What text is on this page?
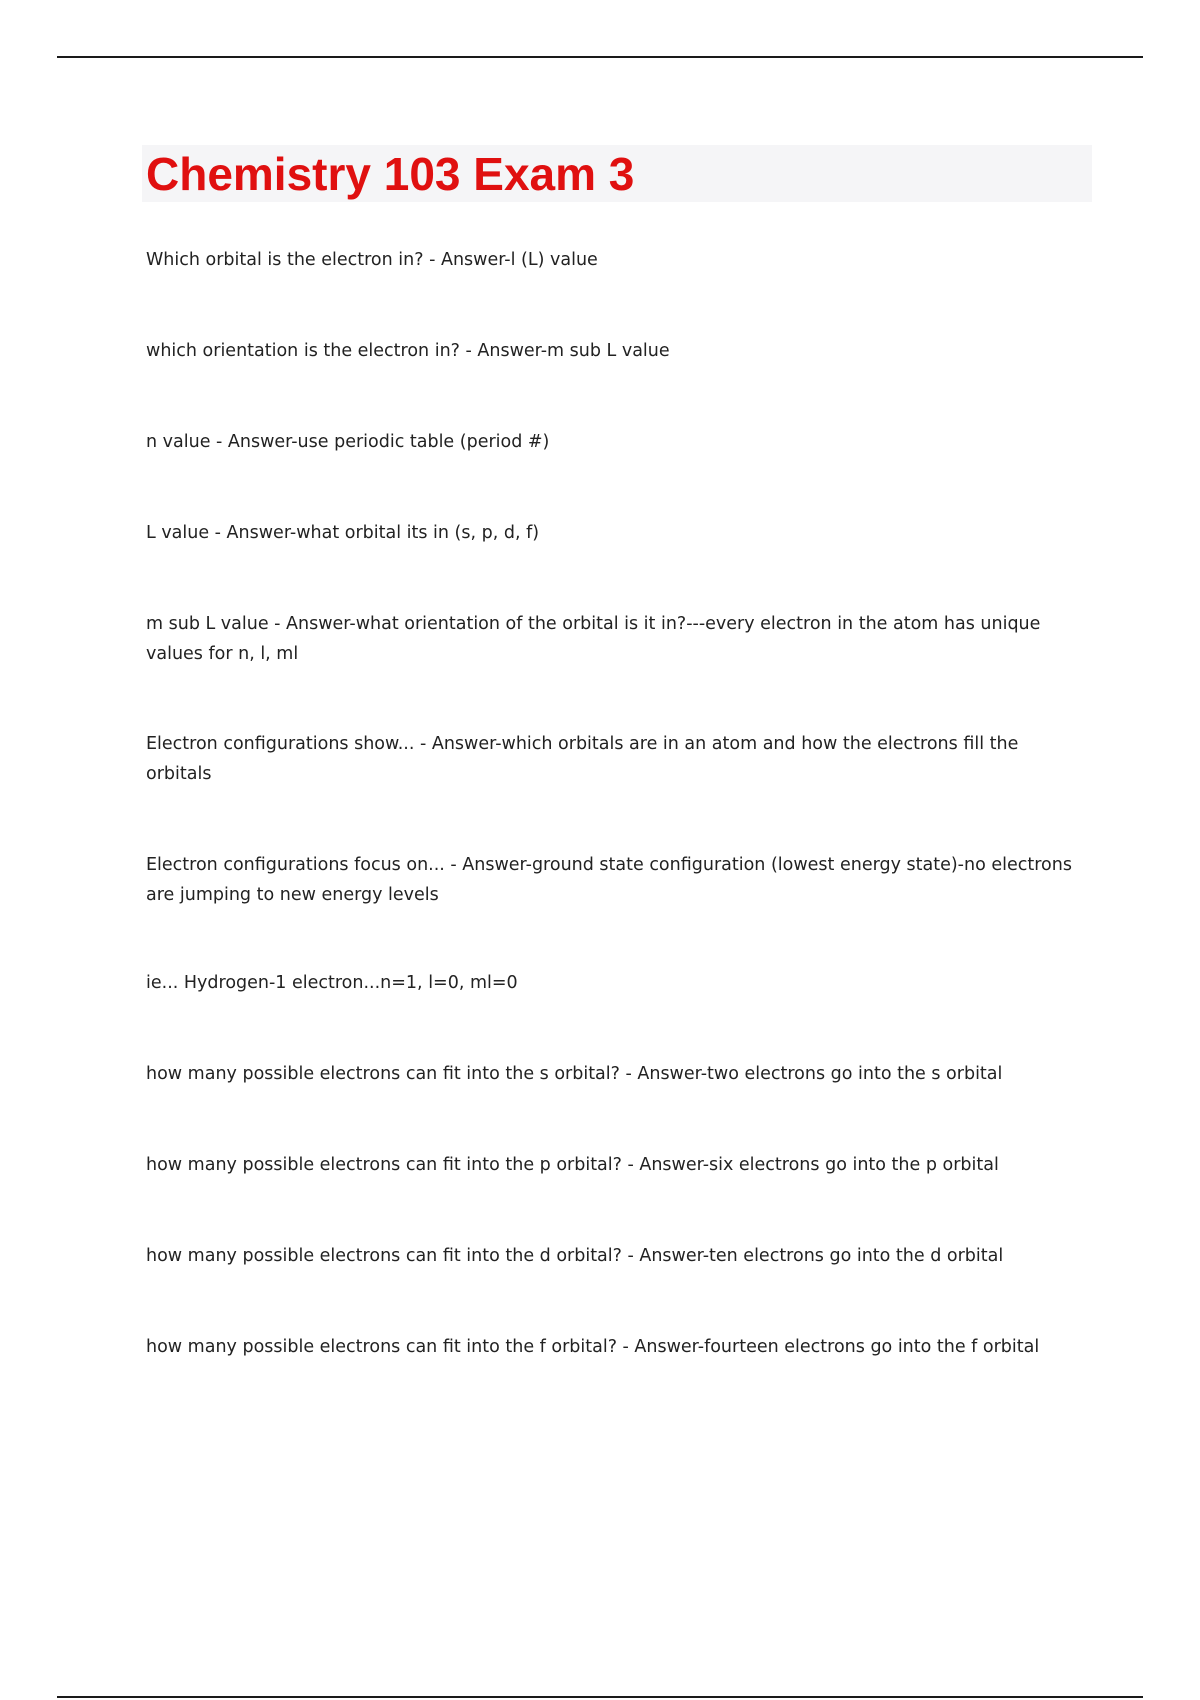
Chemistry 103 Exam 3

Which orbital is the electron in? - Answer-l (L) value

which orientation is the electron in? - Answer-m sub L value

n value - Answer-use periodic table (period #)

L value - Answer-what orbital its in (s, p, d, f)

m sub L value - Answer-what orientation of the orbital is it in?---every electron in the atom has unique values for n, l, ml

Electron configurations show... - Answer-which orbitals are in an atom and how the electrons fill the orbitals

Electron configurations focus on... - Answer-ground state configuration (lowest energy state)-no electrons are jumping to new energy levels

ie... Hydrogen-1 electron...n=1, l=0, ml=0

how many possible electrons can fit into the s orbital? - Answer-two electrons go into the s orbital

how many possible electrons can fit into the p orbital? - Answer-six electrons go into the p orbital

how many possible electrons can fit into the d orbital? - Answer-ten electrons go into the d orbital

how many possible electrons can fit into the f orbital? - Answer-fourteen electrons go into the f orbital
